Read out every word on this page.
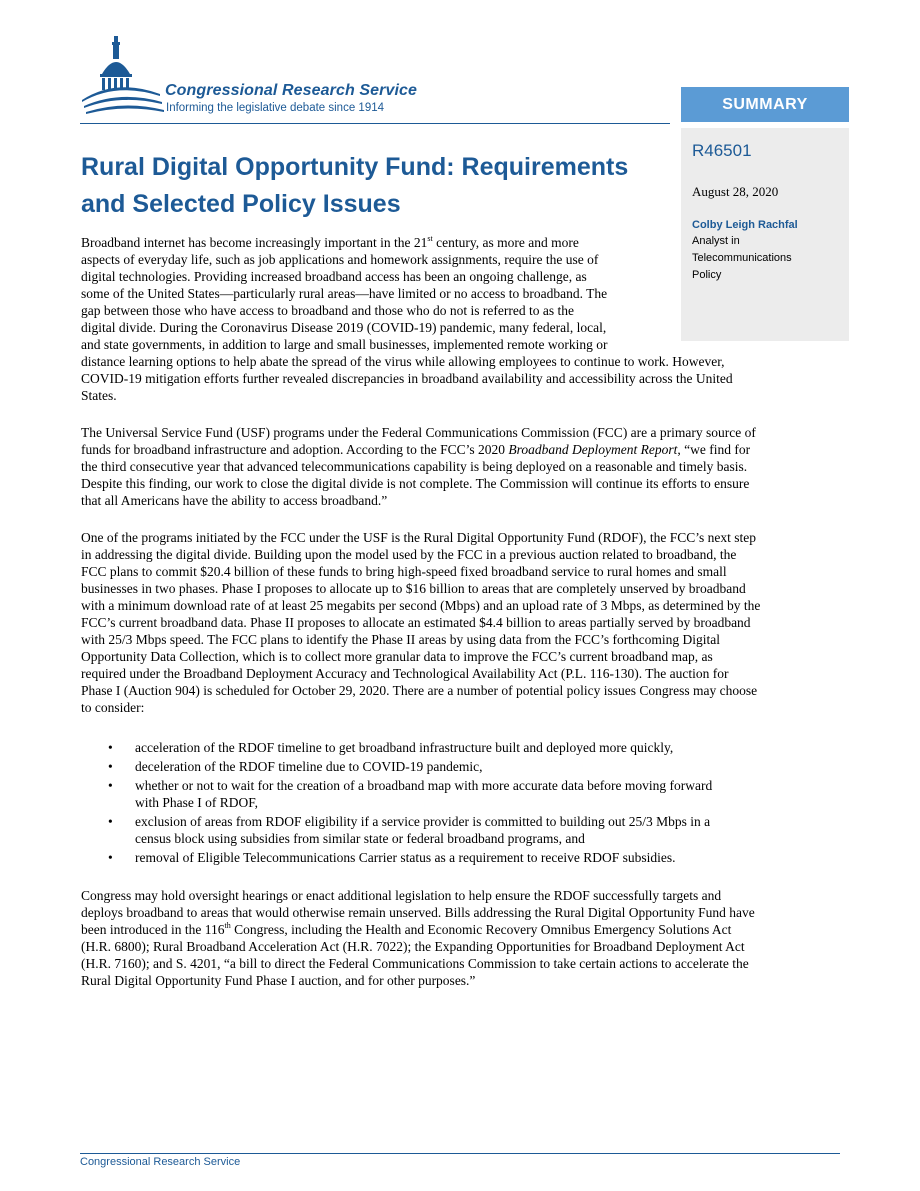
Congressional Research Service
Informing the legislative debate since 1914	SUMMARY
R46501
August 28, 2020
Colby Leigh Rachfal
Analyst in
Telecommunications
Policy
Rural Digital Opportunity Fund: Requirements
and Selected Policy Issues
Broadband internet has become increasingly important in the 21st century, as more and more
aspects of everyday life, such as job applications and homework assignments, require the use of
digital technologies. Providing increased broadband access has been an ongoing challenge, as
some of the United States—particularly rural areas—have limited or no access to broadband. The
gap between those who have access to broadband and those who do not is referred to as the
digital divide. During the Coronavirus Disease 2019 (COVID-19) pandemic, many federal, local,
and state governments, in addition to large and small businesses, implemented remote working or
distance learning options to help abate the spread of the virus while allowing employees to continue to work. However,
COVID-19 mitigation efforts further revealed discrepancies in broadband availability and accessibility across the United
States.
The Universal Service Fund (USF) programs under the Federal Communications Commission (FCC) are a primary source of
funds for broadband infrastructure and adoption. According to the FCC’s 2020 Broadband Deployment Report, “we find for
the third consecutive year that advanced telecommunications capability is being deployed on a reasonable and timely basis.
Despite this finding, our work to close the digital divide is not complete. The Commission will continue its efforts to ensure
that all Americans have the ability to access broadband.”
One of the programs initiated by the FCC under the USF is the Rural Digital Opportunity Fund (RDOF), the FCC’s next step
in addressing the digital divide. Building upon the model used by the FCC in a previous auction related to broadband, the
FCC plans to commit $20.4 billion of these funds to bring high-speed fixed broadband service to rural homes and small
businesses in two phases. Phase I proposes to allocate up to $16 billion to areas that are completely unserved by broadband
with a minimum download rate of at least 25 megabits per second (Mbps) and an upload rate of 3 Mbps, as determined by the
FCC’s current broadband data. Phase II proposes to allocate an estimated $4.4 billion to areas partially served by broadband
with 25/3 Mbps speed. The FCC plans to identify the Phase II areas by using data from the FCC’s forthcoming Digital
Opportunity Data Collection, which is to collect more granular data to improve the FCC’s current broadband map, as
required under the Broadband Deployment Accuracy and Technological Availability Act (P.L. 116-130). The auction for
Phase I (Auction 904) is scheduled for October 29, 2020. There are a number of potential policy issues Congress may choose
to consider:
• acceleration of the RDOF timeline to get broadband infrastructure built and deployed more quickly,
• deceleration of the RDOF timeline due to COVID-19 pandemic,
• whether or not to wait for the creation of a broadband map with more accurate data before moving forward
with Phase I of RDOF,
• exclusion of areas from RDOF eligibility if a service provider is committed to building out 25/3 Mbps in a
census block using subsidies from similar state or federal broadband programs, and
• removal of Eligible Telecommunications Carrier status as a requirement to receive RDOF subsidies.
Congress may hold oversight hearings or enact additional legislation to help ensure the RDOF successfully targets and
deploys broadband to areas that would otherwise remain unserved. Bills addressing the Rural Digital Opportunity Fund have
been introduced in the 116th Congress, including the Health and Economic Recovery Omnibus Emergency Solutions Act
(H.R. 6800); Rural Broadband Acceleration Act (H.R. 7022); the Expanding Opportunities for Broadband Deployment Act
(H.R. 7160); and S. 4201, “a bill to direct the Federal Communications Commission to take certain actions to accelerate the
Rural Digital Opportunity Fund Phase I auction, and for other purposes.”
Congressional Research Service
